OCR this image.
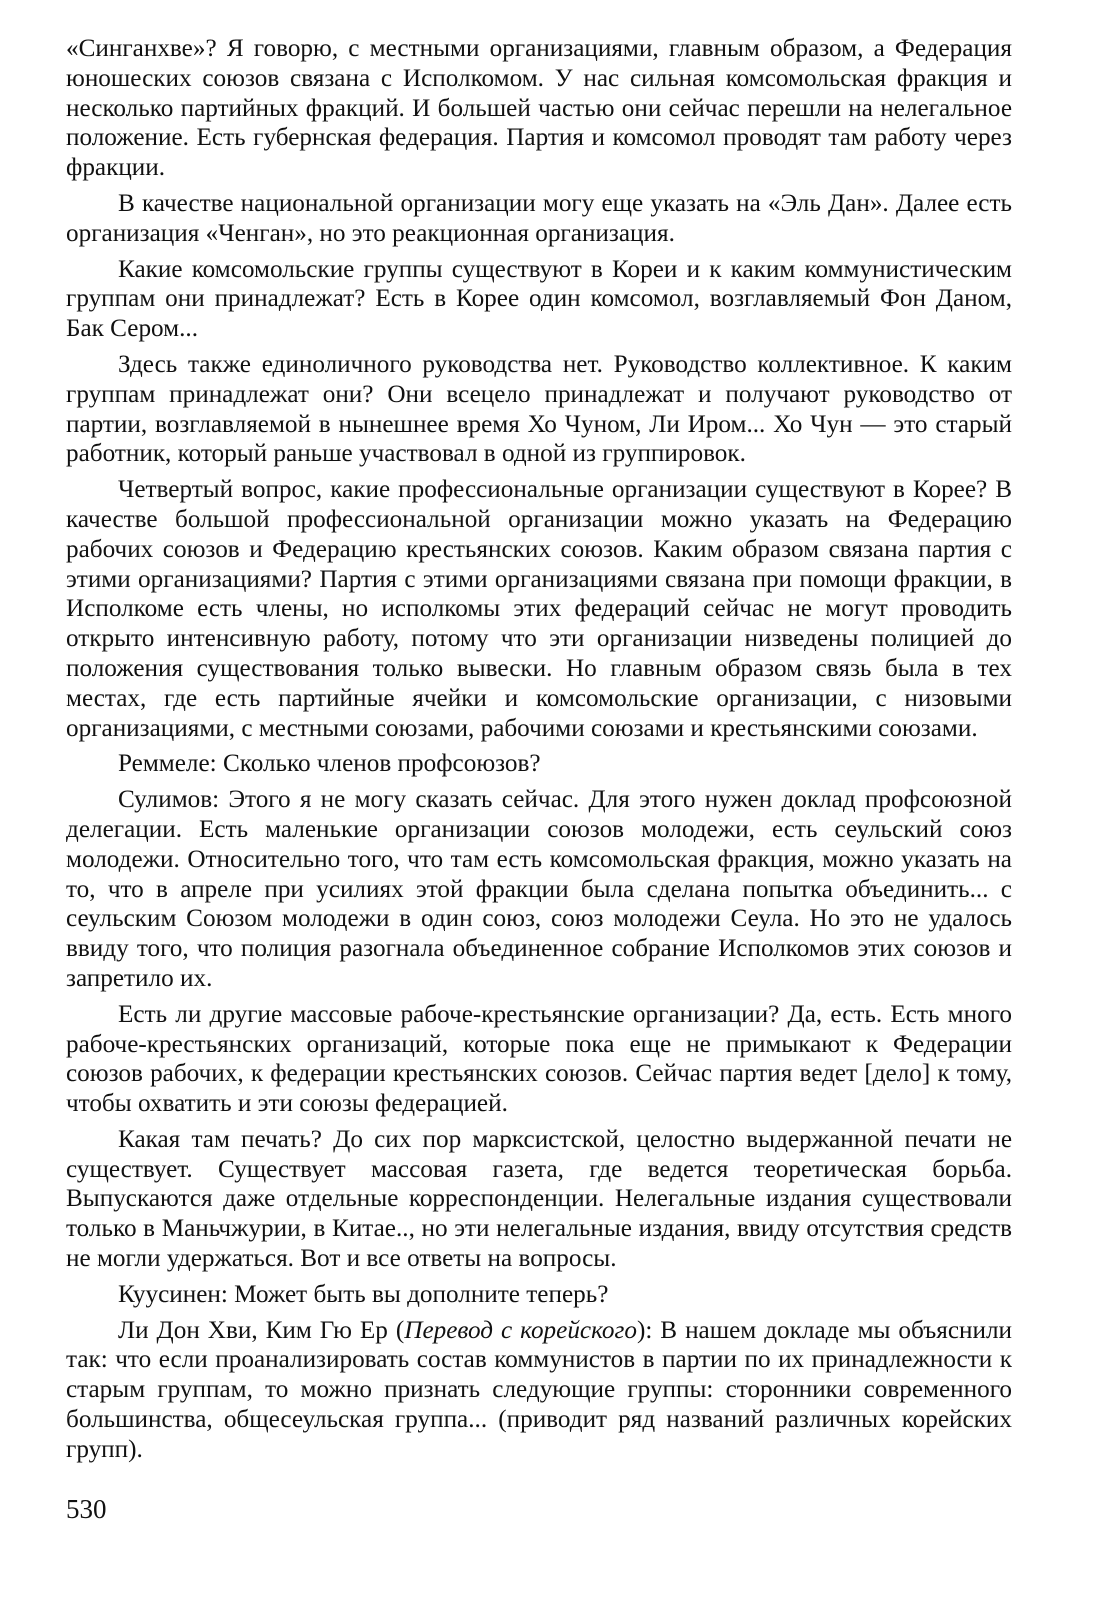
«Синганхве»? Я говорю, с местными организациями, главным образом, а Федерация юношеских союзов связана с Исполкомом. У нас сильная комсомольская фракция и несколько партийных фракций. И большей частью они сейчас перешли на нелегальное положение. Есть губернская федерация. Партия и комсомол проводят там работу через фракции.

В качестве национальной организации могу еще указать на «Эль Дан». Далее есть организация «Ченган», но это реакционная организация.

Какие комсомольские группы существуют в Кореи и к каким коммунистическим группам они принадлежат? Есть в Корее один комсомол, возглавляемый Фон Даном, Бак Сером...

Здесь также единоличного руководства нет. Руководство коллективное. К каким группам принадлежат они? Они всецело принадлежат и получают руководство от партии, возглавляемой в нынешнее время Хо Чуном, Ли Иром... Хо Чун — это старый работник, который раньше участвовал в одной из группировок.

Четвертый вопрос, какие профессиональные организации существуют в Корее? В качестве большой профессиональной организации можно указать на Федерацию рабочих союзов и Федерацию крестьянских союзов. Каким образом связана партия с этими организациями? Партия с этими организациями связана при помощи фракции, в Исполкоме есть члены, но исполкомы этих федераций сейчас не могут проводить открыто интенсивную работу, потому что эти организации низведены полицией до положения существования только вывески. Но главным образом связь была в тех местах, где есть партийные ячейки и комсомольские организации, с низовыми организациями, с местными союзами, рабочими союзами и крестьянскими союзами.

Реммеле: Сколько членов профсоюзов?

Сулимов: Этого я не могу сказать сейчас. Для этого нужен доклад профсоюзной делегации. Есть маленькие организации союзов молодежи, есть сеульский союз молодежи. Относительно того, что там есть комсомольская фракция, можно указать на то, что в апреле при усилиях этой фракции была сделана попытка объединить... с сеульским Союзом молодежи в один союз, союз молодежи Сеула. Но это не удалось ввиду того, что полиция разогнала объединенное собрание Исполкомов этих союзов и запретило их.

Есть ли другие массовые рабоче-крестьянские организации? Да, есть. Есть много рабоче-крестьянских организаций, которые пока еще не примыкают к Федерации союзов рабочих, к федерации крестьянских союзов. Сейчас партия ведет [дело] к тому, чтобы охватить и эти союзы федерацией.

Какая там печать? До сих пор марксистской, целостно выдержанной печати не существует. Существует массовая газета, где ведется теоретическая борьба. Выпускаются даже отдельные корреспонденции. Нелегальные издания существовали только в Маньчжурии, в Китае.., но эти нелегальные издания, ввиду отсутствия средств не могли удержаться. Вот и все ответы на вопросы.

Куусинен: Может быть вы дополните теперь?

Ли Дон Хви, Ким Гю Ер (Перевод с корейского): В нашем докладе мы объяснили так: что если проанализировать состав коммунистов в партии по их принадлежности к старым группам, то можно признать следующие группы: сторонники современного большинства, общесеульская группа... (приводит ряд названий различных корейских групп).

530
